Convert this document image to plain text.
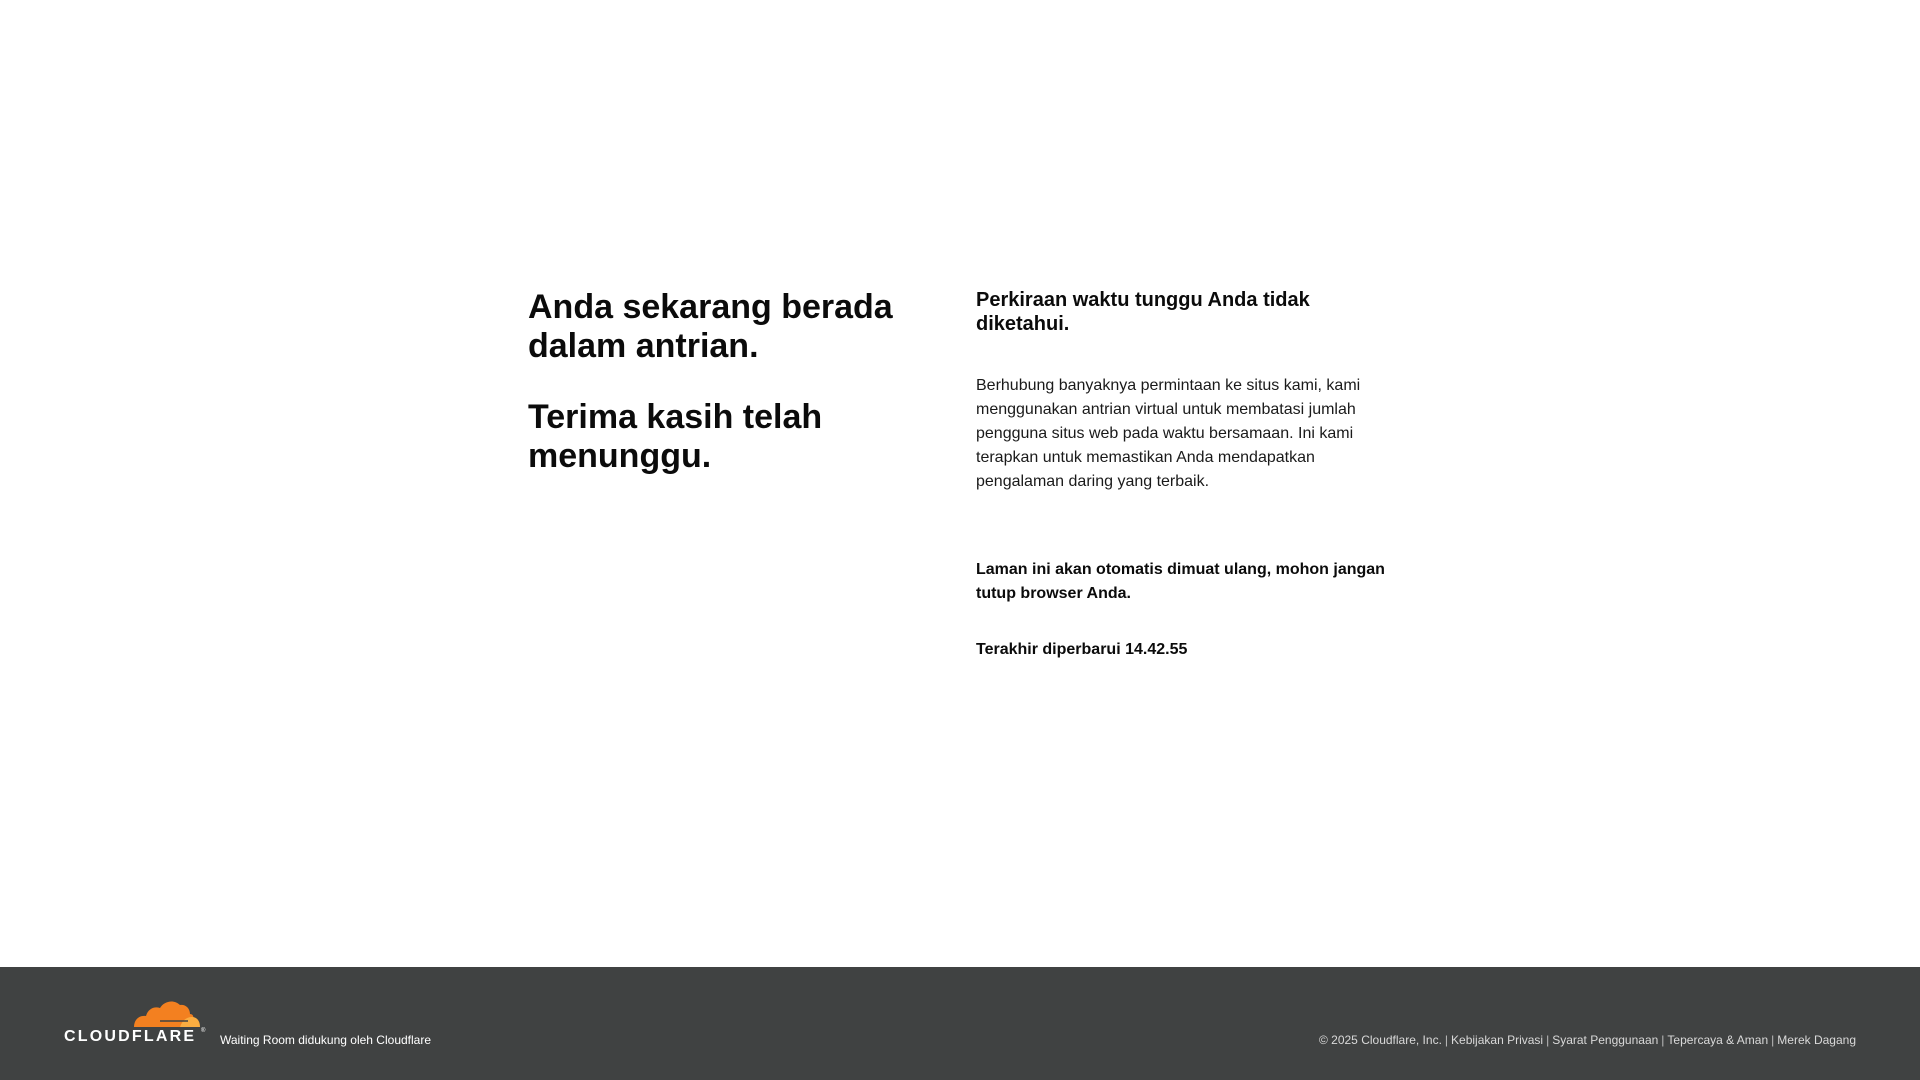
Anda sekarang berada dalam antrian.
Terima kasih telah menunggu.
Perkiraan waktu tunggu Anda tidak diketahui.

Berhubung banyaknya permintaan ke situs kami, kami menggunakan antrian virtual untuk membatasi jumlah pengguna situs web pada waktu bersamaan. Ini kami terapkan untuk memastikan Anda mendapatkan pengalaman daring yang terbaik.

Laman ini akan otomatis dimuat ulang, mohon jangan tutup browser Anda.

Terakhir diperbarui 14.42.55

CLOUDFLARE ®
Waiting Room didukung oleh Cloudflare	© 2025 Cloudflare, Inc. | Kebijakan Privasi | Syarat Penggunaan | Tepercaya & Aman | Merek Dagang
